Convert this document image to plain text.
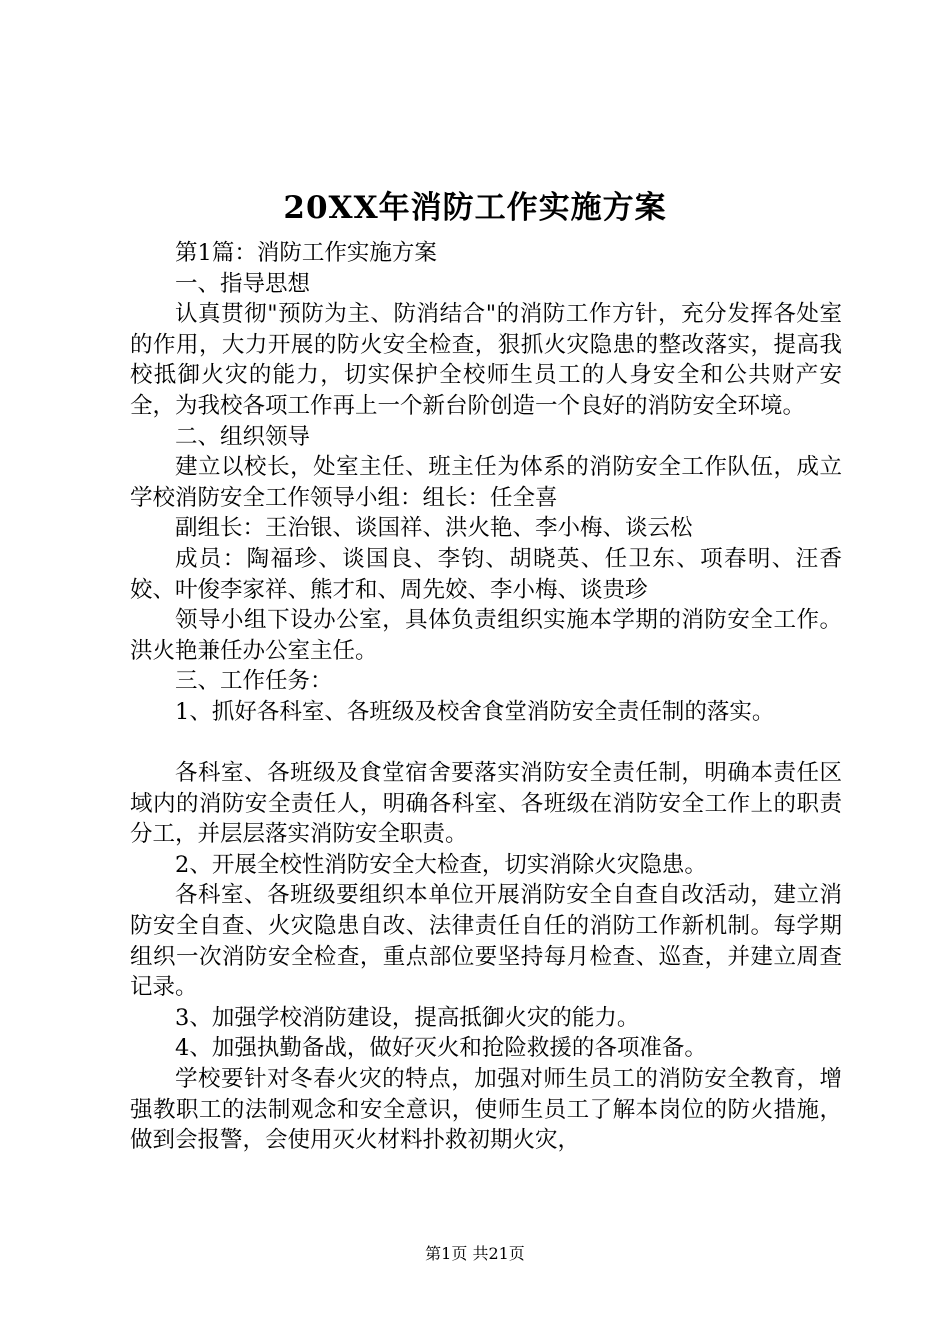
20XX年消防工作实施方案

第1篇：消防工作实施方案

一、指导思想

认真贯彻"预防为主、防消结合"的消防工作方针，充分发挥各处室的作用，大力开展的防火安全检查，狠抓火灾隐患的整改落实，提高我校抵御火灾的能力，切实保护全校师生员工的人身安全和公共财产安全，为我校各项工作再上一个新台阶创造一个良好的消防安全环境。

二、组织领导

建立以校长，处室主任、班主任为体系的消防安全工作队伍，成立学校消防安全工作领导小组：组长：任全喜

副组长：王治银、谈国祥、洪火艳、李小梅、谈云松

成员：陶福珍、谈国良、李钧、胡晓英、任卫东、项春明、汪香姣、叶俊李家祥、熊才和、周先姣、李小梅、谈贵珍

领导小组下设办公室，具体负责组织实施本学期的消防安全工作。洪火艳兼任办公室主任。

三、工作任务：

1、抓好各科室、各班级及校舍食堂消防安全责任制的落实。

各科室、各班级及食堂宿舍要落实消防安全责任制，明确本责任区域内的消防安全责任人，明确各科室、各班级在消防安全工作上的职责分工，并层层落实消防安全职责。

2、开展全校性消防安全大检查，切实消除火灾隐患。

各科室、各班级要组织本单位开展消防安全自查自改活动，建立消防安全自查、火灾隐患自改、法律责任自任的消防工作新机制。每学期组织一次消防安全检查，重点部位要坚持每月检查、巡查，并建立周查记录。

3、加强学校消防建设，提高抵御火灾的能力。

4、加强执勤备战，做好灭火和抢险救援的各项准备。

学校要针对冬春火灾的特点，加强对师生员工的消防安全教育，增强教职工的法制观念和安全意识，使师生员工了解本岗位的防火措施，做到会报警，会使用灭火材料扑救初期火灾，

第1页 共21页
